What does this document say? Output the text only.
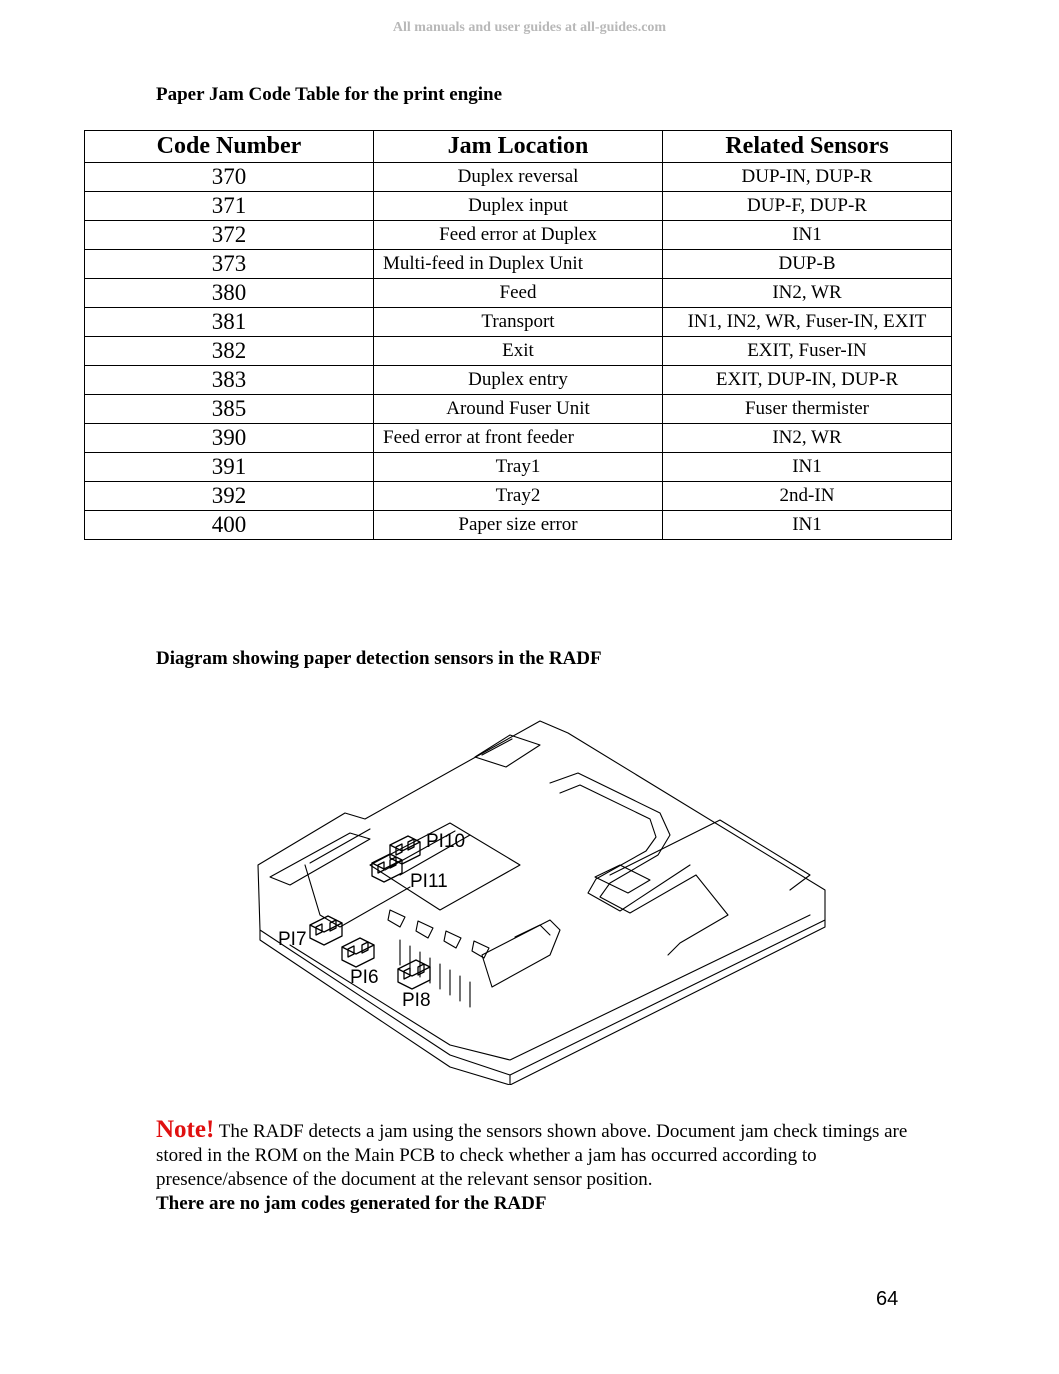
All manuals and user guides at all-guides.com
Paper Jam Code Table for the print engine
Code Number	Jam Location	Related Sensors
370	Duplex reversal	DUP-IN, DUP-R
371	Duplex input	DUP-F, DUP-R
372	Feed error at Duplex	IN1
373	Multi-feed in Duplex Unit	DUP-B
380	Feed	IN2, WR
381	Transport	IN1, IN2, WR, Fuser-IN, EXIT
382	Exit	EXIT, Fuser-IN
383	Duplex entry	EXIT, DUP-IN, DUP-R
385	Around Fuser Unit	Fuser thermister
390	Feed error at front feeder	IN2, WR
391	Tray1	IN1
392	Tray2	2nd-IN
400	Paper size error	IN1
Diagram showing paper detection sensors in the RADF
PI10
PI11
PI7
PI6
PI8
Note! The RADF detects a jam using the sensors shown above. Document jam check timings are stored in the ROM on the Main PCB to check whether a jam has occurred according to presence/absence of the document at the relevant sensor position.
There are no jam codes generated for the RADF
64
